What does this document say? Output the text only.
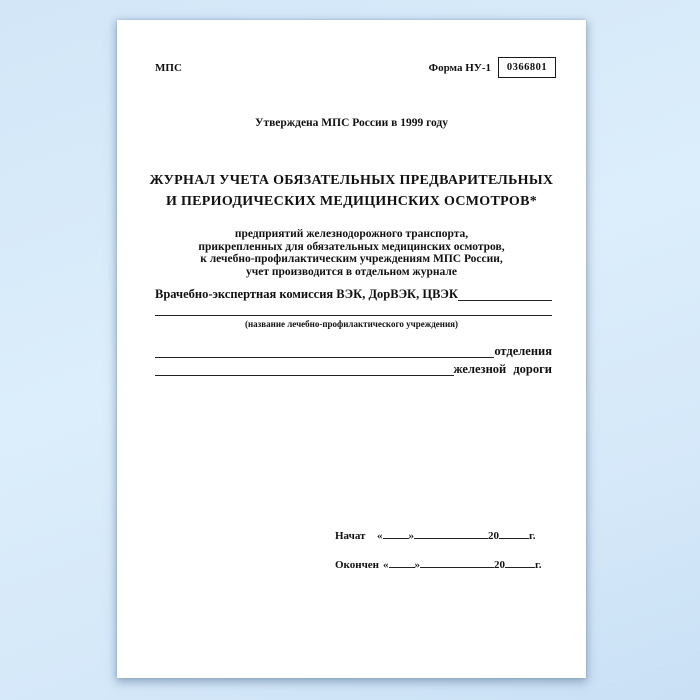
МПС	Форма НУ-1 0366801
Утверждена МПС России в 1999 году
ЖУРНАЛ УЧЕТА ОБЯЗАТЕЛЬНЫХ ПРЕДВАРИТЕЛЬНЫХ
И ПЕРИОДИЧЕСКИХ МЕДИЦИНСКИХ ОСМОТРОВ*
предприятий железнодорожного транспорта,
прикрепленных для обязательных медицинских осмотров,
к лечебно-профилактическим учреждениям МПС России,
учет производится в отдельном журнале
Врачебно-экспертная комиссия ВЭК, ДорВЭК, ЦВЭК
(название лечебно-профилактического учреждения)
отделения
железной дороги
Начат « »	20	г.
Окончен « »	20	г.
